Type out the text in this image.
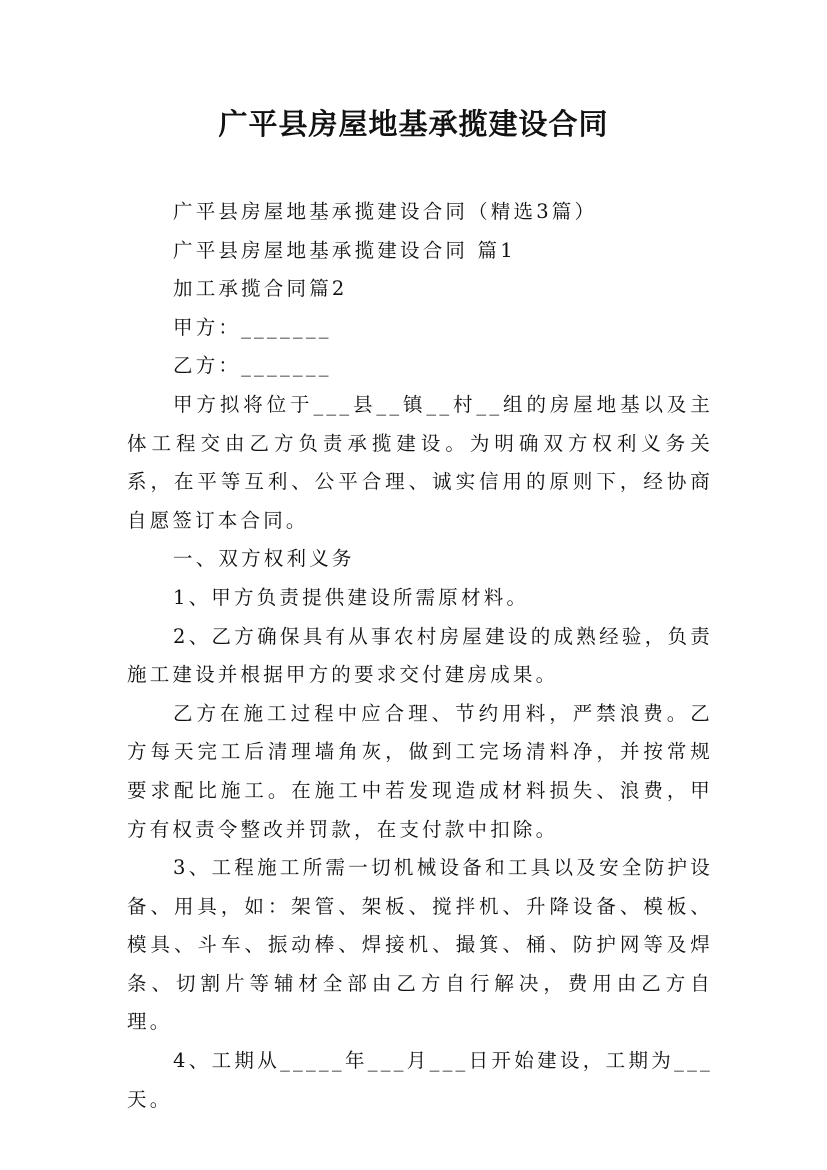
广平县房屋地基承揽建设合同

广平县房屋地基承揽建设合同（精选3篇）

广平县房屋地基承揽建设合同 篇1

加工承揽合同篇2

甲方：_______

乙方：_______

甲方拟将位于___县__镇__村__组的房屋地基以及主体工程交由乙方负责承揽建设。为明确双方权利义务关系，在平等互利、公平合理、诚实信用的原则下，经协商自愿签订本合同。

一、双方权利义务

1、甲方负责提供建设所需原材料。

2、乙方确保具有从事农村房屋建设的成熟经验，负责施工建设并根据甲方的要求交付建房成果。

乙方在施工过程中应合理、节约用料，严禁浪费。乙方每天完工后清理墙角灰，做到工完场清料净，并按常规要求配比施工。在施工中若发现造成材料损失、浪费，甲方有权责令整改并罚款，在支付款中扣除。

3、工程施工所需一切机械设备和工具以及安全防护设备、用具，如：架管、架板、搅拌机、升降设备、模板、模具、斗车、振动棒、焊接机、撮箕、桶、防护网等及焊条、切割片等辅材全部由乙方自行解决，费用由乙方自理。

4、工期从_____年___月___日开始建设，工期为___天。
